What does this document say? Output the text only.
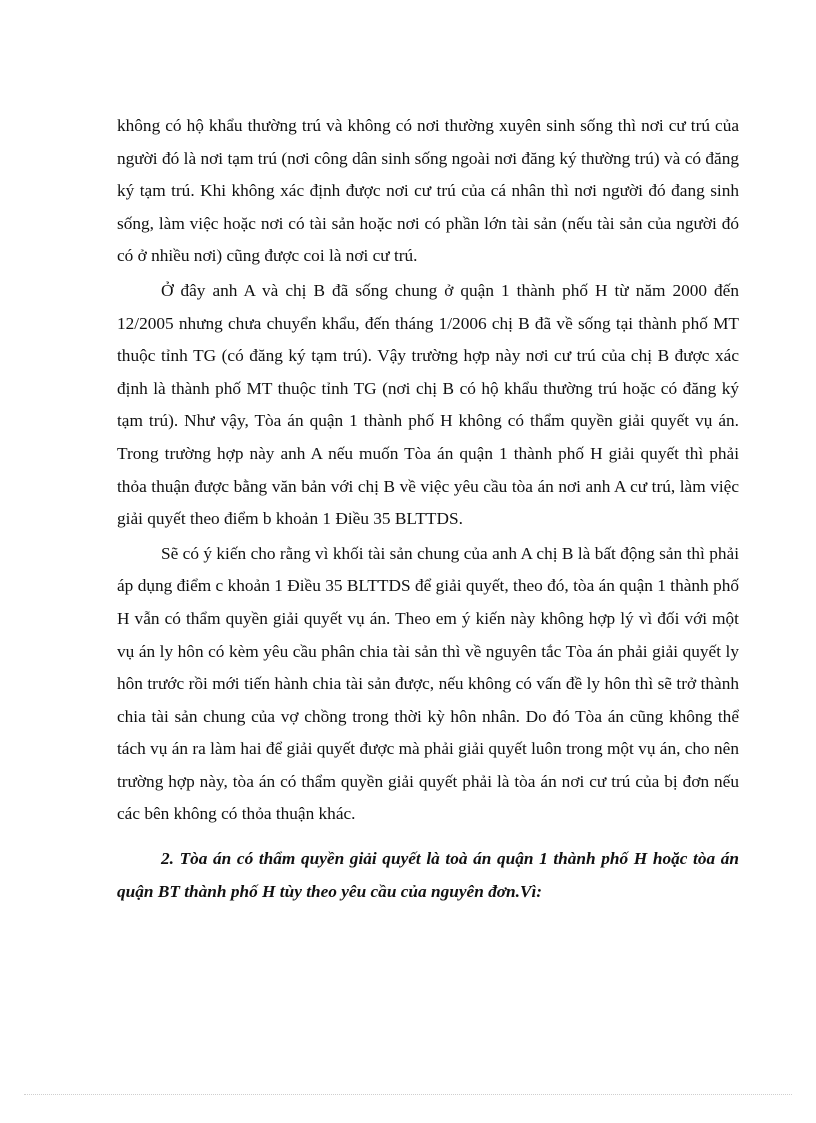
không có hộ khẩu thường trú và không có nơi thường xuyên sinh sống thì nơi cư trú của người đó là nơi tạm trú (nơi công dân sinh sống ngoài nơi đăng ký thường trú) và có đăng ký tạm trú. Khi không xác định được nơi cư trú của cá nhân thì nơi người đó đang sinh sống, làm việc hoặc nơi có tài sản hoặc nơi có phần lớn tài sản (nếu tài sản của người đó có ở nhiều nơi) cũng được coi là nơi cư trú.

Ở đây anh A và chị B đã sống chung ở quận 1 thành phố H từ năm 2000 đến 12/2005 nhưng chưa chuyển khẩu, đến tháng 1/2006 chị B đã về sống tại thành phố MT thuộc tỉnh TG (có đăng ký tạm trú). Vậy trường hợp này nơi cư trú của chị B được xác định là thành phố MT thuộc tỉnh TG (nơi chị B có hộ khẩu thường trú hoặc có đăng ký tạm trú). Như vậy, Tòa án quận 1 thành phố H không có thẩm quyền giải quyết vụ án. Trong trường hợp này anh A nếu muốn Tòa án quận 1 thành phố H giải quyết thì phải thỏa thuận được bằng văn bản với chị B về việc yêu cầu tòa án nơi anh A cư trú, làm việc giải quyết theo điểm b khoản 1 Điều 35 BLTTDS.

Sẽ có ý kiến cho rằng vì khối tài sản chung của anh A chị B là bất động sản thì phải áp dụng điểm c khoản 1 Điều 35 BLTTDS để giải quyết, theo đó, tòa án quận 1 thành phố H vẫn có thẩm quyền giải quyết vụ án. Theo em ý kiến này không hợp lý vì đối với một vụ án ly hôn có kèm yêu cầu phân chia tài sản thì về nguyên tắc Tòa án phải giải quyết ly hôn trước rồi mới tiến hành chia tài sản được, nếu không có vấn đề ly hôn thì sẽ trở thành chia tài sản chung của vợ chồng trong thời kỳ hôn nhân. Do đó Tòa án cũng không thể tách vụ án ra làm hai để giải quyết được mà phải giải quyết luôn trong một vụ án, cho nên trường hợp này, tòa án có thẩm quyền giải quyết phải là tòa án nơi cư trú của bị đơn nếu các bên không có thỏa thuận khác.

2. Tòa án có thẩm quyền giải quyết là toà án quận 1 thành phố H hoặc tòa án quận BT thành phố H tùy theo yêu cầu của nguyên đơn.Vì:
